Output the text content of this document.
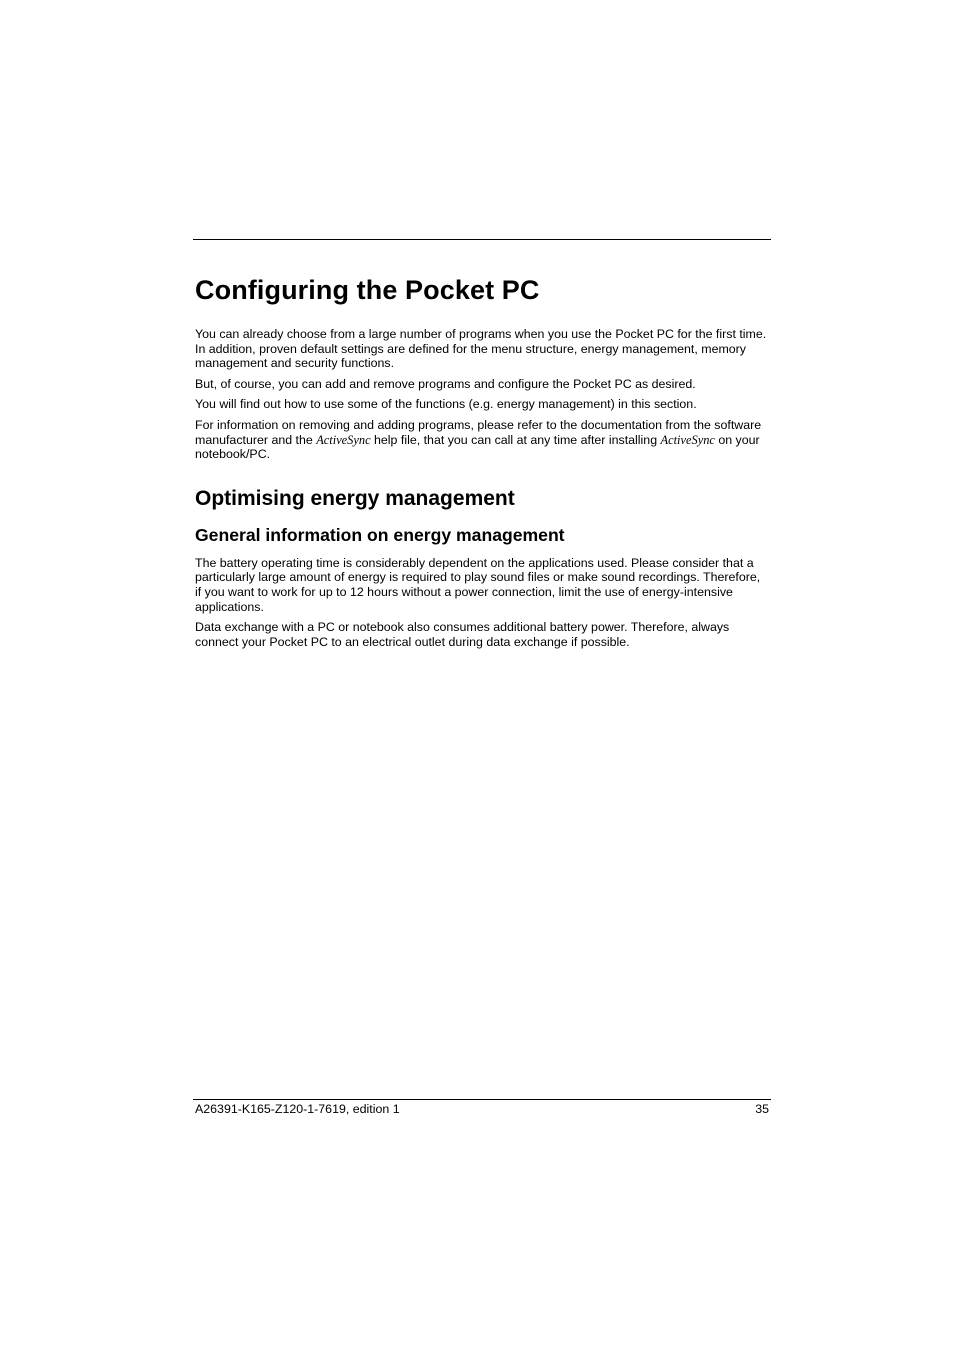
Configuring the Pocket PC

You can already choose from a large number of programs when you use the Pocket PC for the first time. In addition, proven default settings are defined for the menu structure, energy management, memory management and security functions.

But, of course, you can add and remove programs and configure the Pocket PC as desired.

You will find out how to use some of the functions (e.g. energy management) in this section.

For information on removing and adding programs, please refer to the documentation from the software manufacturer and the ActiveSync help file, that you can call at any time after installing ActiveSync on your notebook/PC.

Optimising energy management
General information on energy management

The battery operating time is considerably dependent on the applications used. Please consider that a particularly large amount of energy is required to play sound files or make sound recordings. Therefore, if you want to work for up to 12 hours without a power connection, limit the use of energy-intensive applications.

Data exchange with a PC or notebook also consumes additional battery power. Therefore, always connect your Pocket PC to an electrical outlet during data exchange if possible.

A26391-K165-Z120-1-7619, edition 1	35
